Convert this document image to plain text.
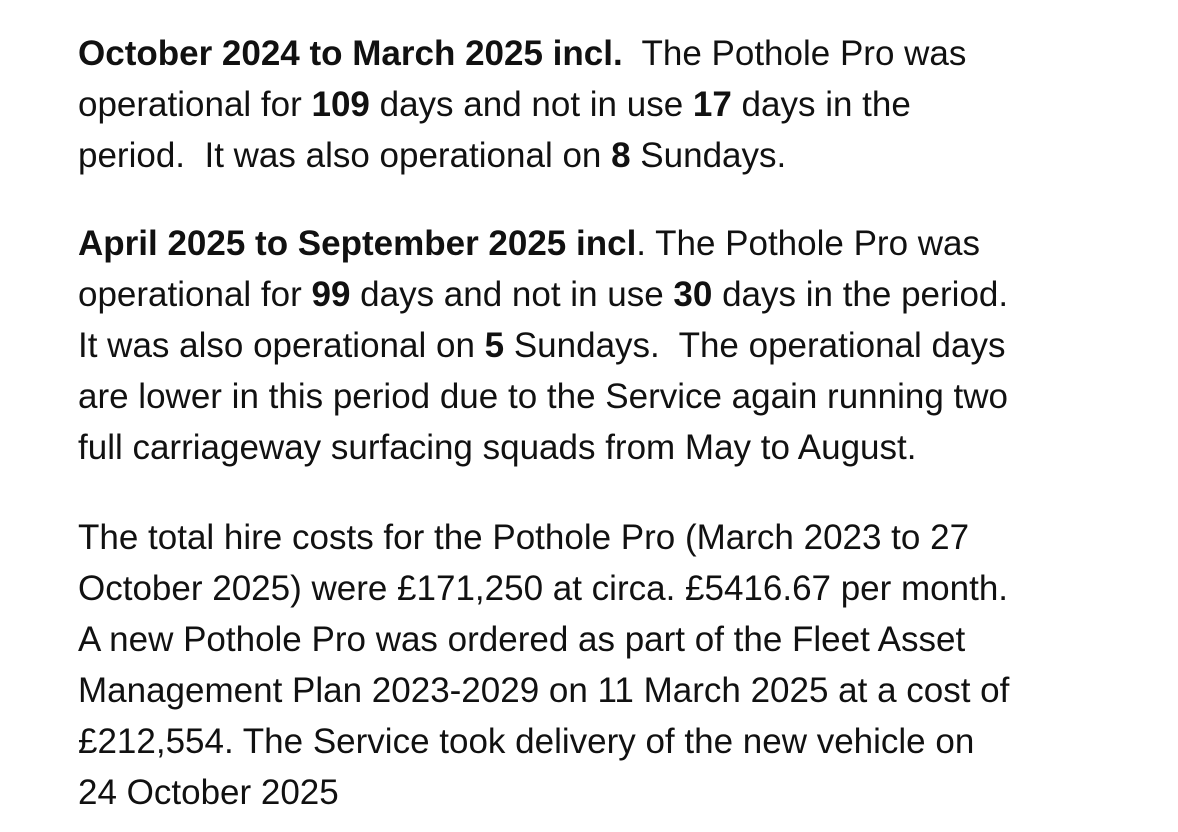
October 2024 to March 2025 incl.  The Pothole Pro was
operational for 109 days and not in use 17 days in the
period.  It was also operational on 8 Sundays.

April 2025 to September 2025 incl. The Pothole Pro was
operational for 99 days and not in use 30 days in the period.
It was also operational on 5 Sundays.  The operational days
are lower in this period due to the Service again running two
full carriageway surfacing squads from May to August.

The total hire costs for the Pothole Pro (March 2023 to 27
October 2025) were £171,250 at circa. £5416.67 per month.
A new Pothole Pro was ordered as part of the Fleet Asset
Management Plan 2023-2029 on 11 March 2025 at a cost of
£212,554. The Service took delivery of the new vehicle on
24 October 2025
